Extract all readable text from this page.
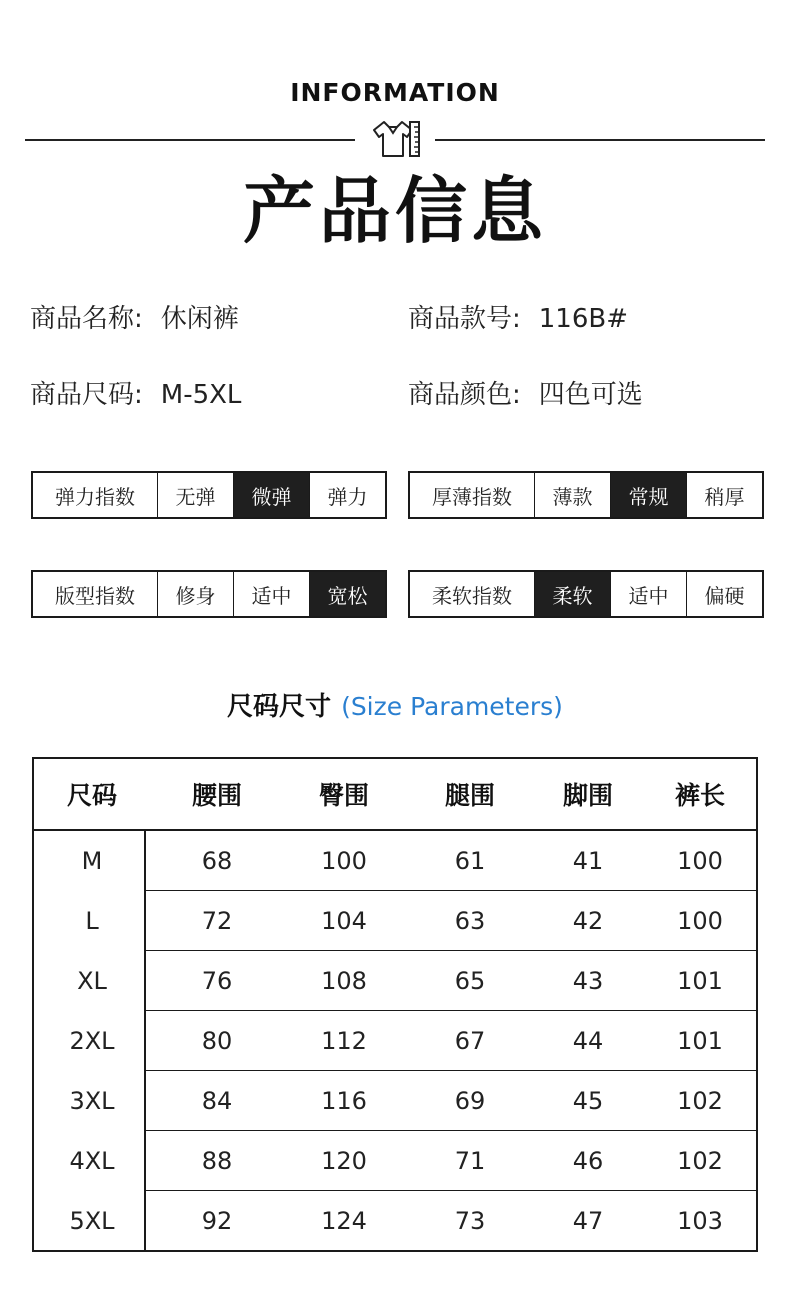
INFORMATION
产品信息
商品名称: 休闲裤	商品款号: 116B#
商品尺码: M-5XL	商品颜色: 四色可选
弹力指数	无弹	微弹	弹力	厚薄指数	薄款	常规	稍厚
版型指数	修身	适中	宽松	柔软指数	柔软	适中	偏硬
尺码尺寸 (Size Parameters)
尺码	腰围	臀围	腿围	脚围	裤长
M	68	100	61	41	100
L	72	104	63	42	100
XL	76	108	65	43	101
2XL	80	112	67	44	101
3XL	84	116	69	45	102
4XL	88	120	71	46	102
5XL	92	124	73	47	103
